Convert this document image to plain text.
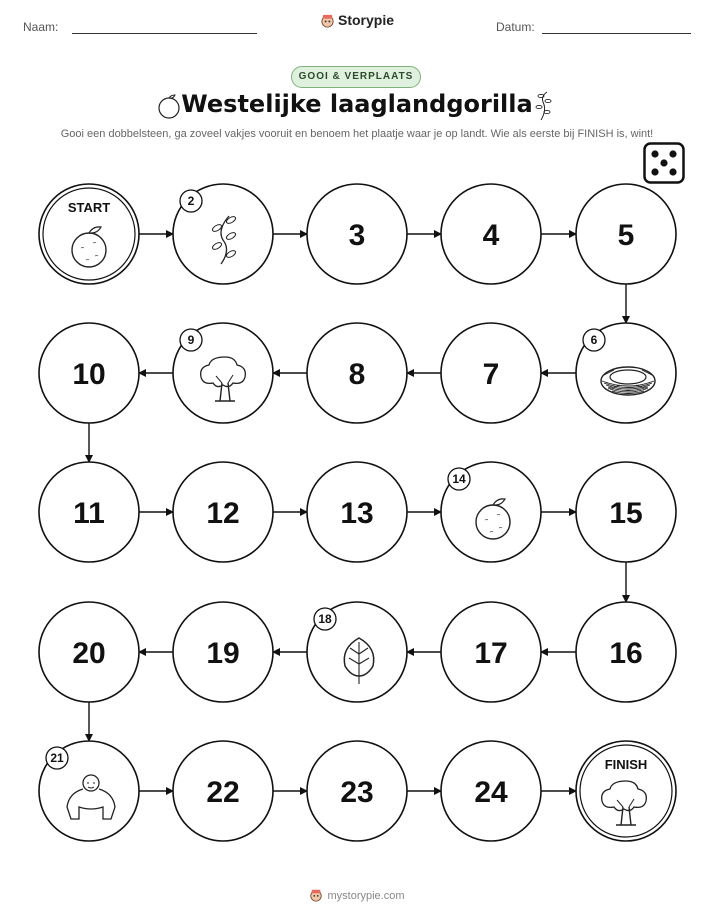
Naam:	Storypie	Datum:
GOOI & VERPLAATS
Westelijke laaglandgorilla
Gooi een dobbelsteen, ga zoveel vakjes vooruit en benoem het plaatje waar je op landt. Wie als eerste bij FINISH is, wint!
START	2
3	4	5
6
7
8
9
10
11	12	13
14
15
16
17
18
19
20
21
22	23	24
FINISH
mystorypie.com
